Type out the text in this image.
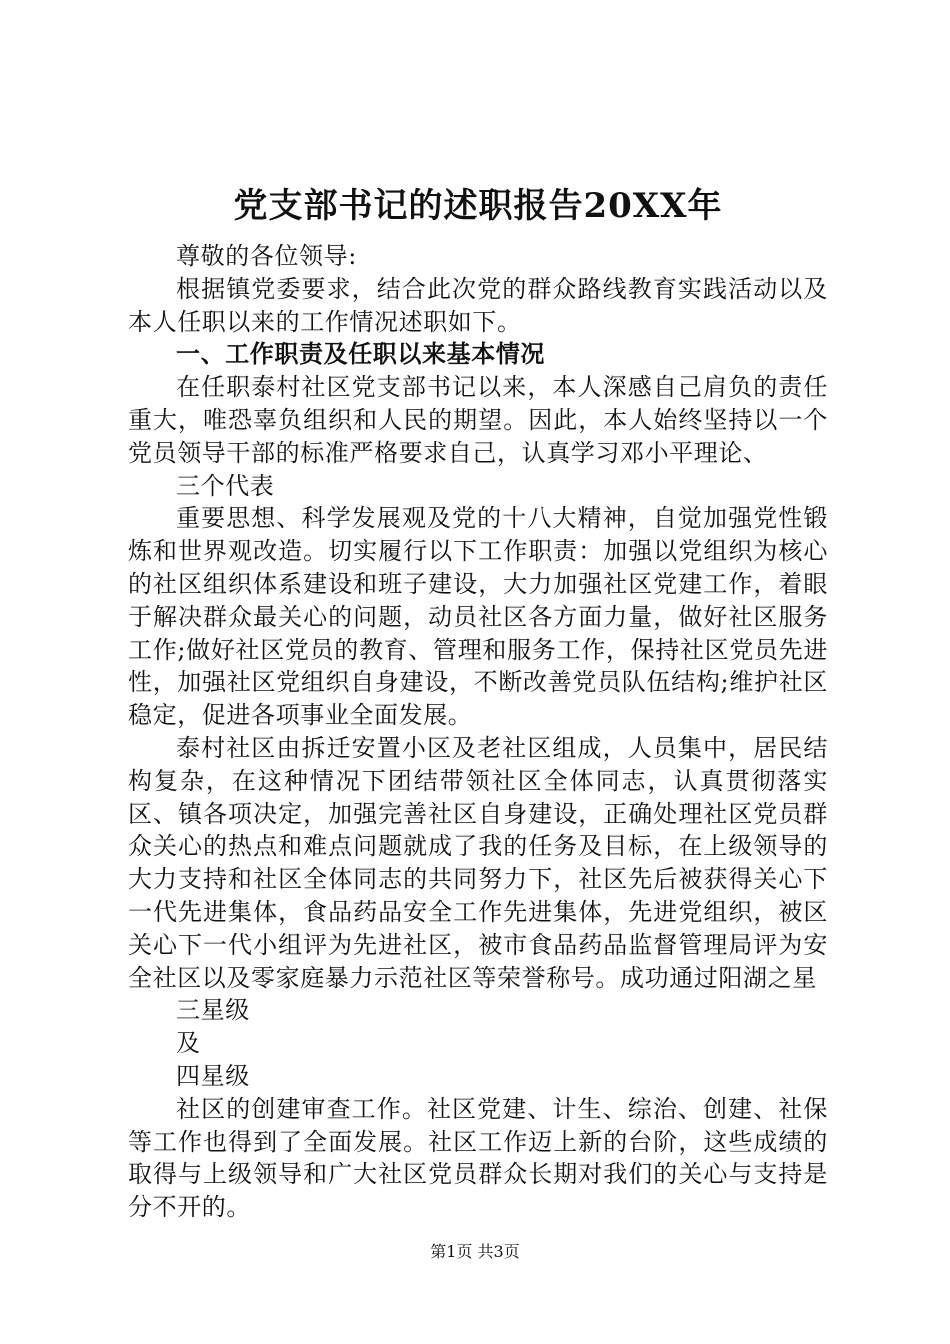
党支部书记的述职报告20XX年

尊敬的各位领导:

根据镇党委要求，结合此次党的群众路线教育实践活动以及本人任职以来的工作情况述职如下。

一、工作职责及任职以来基本情况

在任职泰村社区党支部书记以来，本人深感自己肩负的责任重大，唯恐辜负组织和人民的期望。因此，本人始终坚持以一个党员领导干部的标准严格要求自己，认真学习邓小平理论、

三个代表

重要思想、科学发展观及党的十八大精神，自觉加强党性锻炼和世界观改造。切实履行以下工作职责：加强以党组织为核心的社区组织体系建设和班子建设，大力加强社区党建工作，着眼于解决群众最关心的问题，动员社区各方面力量，做好社区服务工作;做好社区党员的教育、管理和服务工作，保持社区党员先进性，加强社区党组织自身建设，不断改善党员队伍结构;维护社区稳定，促进各项事业全面发展。

泰村社区由拆迁安置小区及老社区组成，人员集中，居民结构复杂，在这种情况下团结带领社区全体同志，认真贯彻落实区、镇各项决定，加强完善社区自身建设，正确处理社区党员群众关心的热点和难点问题就成了我的任务及目标，在上级领导的大力支持和社区全体同志的共同努力下，社区先后被获得关心下一代先进集体，食品药品安全工作先进集体，先进党组织，被区关心下一代小组评为先进社区，被市食品药品监督管理局评为安全社区以及零家庭暴力示范社区等荣誉称号。成功通过阳湖之星

三星级

及

四星级

社区的创建审查工作。社区党建、计生、综治、创建、社保等工作也得到了全面发展。社区工作迈上新的台阶，这些成绩的取得与上级领导和广大社区党员群众长期对我们的关心与支持是分不开的。

第1页 共3页
